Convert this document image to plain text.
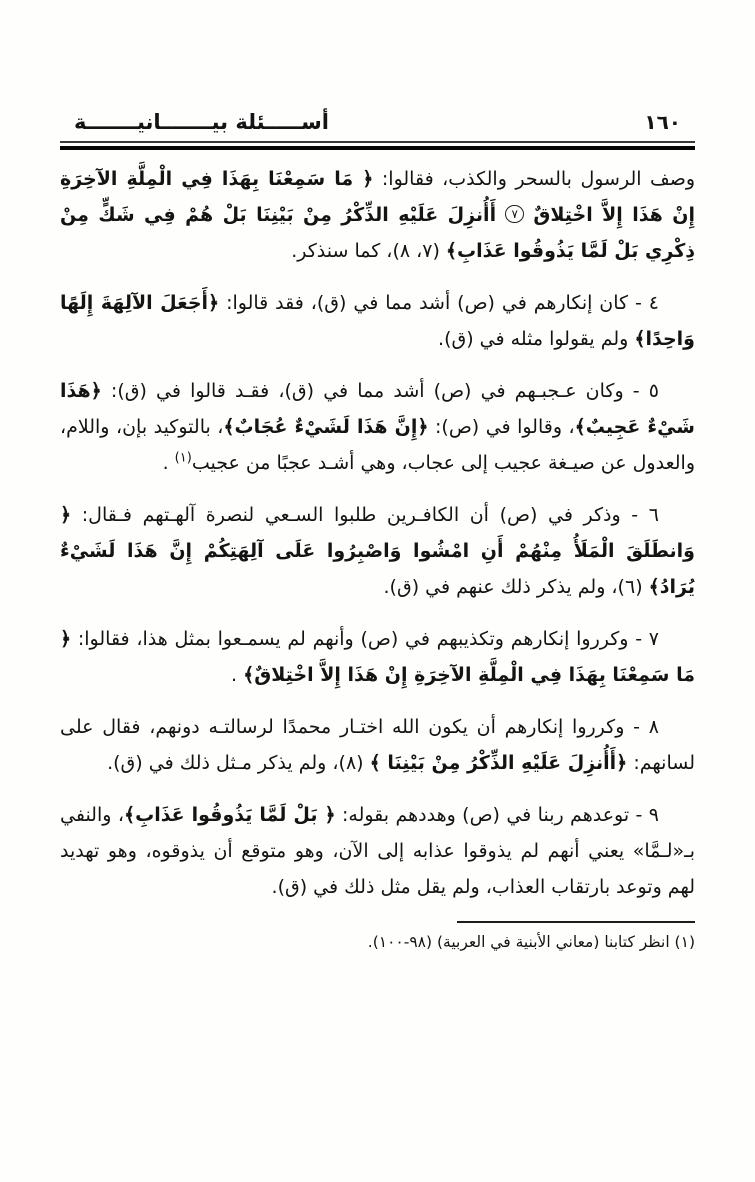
١٦٠
أســـــئلة بيـــــــانيـــــــة
وصف الرسول بالسحر والكذب، فقالوا: ﴿ مَا سَمِعْنَا بِهَذَا فِي الْمِلَّةِ الآخِرَةِ إِنْ هَذَا إِلاَّ اخْتِلاقٌ ٧ أَأُنزِلَ عَلَيْهِ الذِّكْرُ مِنْ بَيْنِنَا بَلْ هُمْ فِي شَكٍّ مِنْ ذِكْرِي بَلْ لَمَّا يَذُوقُوا عَذَابِ﴾ (٧، ٨)، كما سنذكر.
٤ - كان إنكارهم في (ص) أشد مما في (ق)، فقد قالوا: ﴿أَجَعَلَ الآلِهَةَ إِلَهًا وَاحِدًا﴾ ولم يقولوا مثله في (ق).
٥ - وكان عـجبـهم في (ص) أشد مما في (ق)، فقـد قالوا في (ق): ﴿هَذَا شَيْءٌ عَجِيبٌ﴾، وقالوا في (ص): ﴿إِنَّ هَذَا لَشَيْءٌ عُجَابٌ﴾، بالتوكيد بإن، واللام، والعدول عن صيـغة عجيب إلى عجاب، وهي أشـد عجبًا من عجيب$^{(١)}$ .
٦ - وذكر في (ص) أن الكافـرين طلبوا السـعي لنصرة آلهـتهم فـقال: ﴿ وَانطَلَقَ الْمَلَأُ مِنْهُمْ أَنِ امْشُوا وَاصْبِرُوا عَلَى آلِهَتِكُمْ إِنَّ هَذَا لَشَيْءٌ يُرَادُ﴾ (٦)، ولم يذكر ذلك عنهم في (ق).
٧ - وكرروا إنكارهم وتكذيبهم في (ص) وأنهم لم يسمـعوا بمثل هذا، فقالوا: ﴿ مَا سَمِعْنَا بِهَذَا فِي الْمِلَّةِ الآخِرَةِ إِنْ هَذَا إِلاَّ اخْتِلاقٌ﴾ .
٨ - وكرروا إنكارهم أن يكون الله اختـار محمدًا لرسالتـه دونهم، فقال على لسانهم: ﴿أَأُنزِلَ عَلَيْهِ الذِّكْرُ مِنْ بَيْنِنَا ﴾ (٨)، ولم يذكر مـثل ذلك في (ق).
٩ - توعدهم ربنا في (ص) وهددهم بقوله: ﴿ بَلْ لَمَّا يَذُوقُوا عَذَابِ﴾، والنفي بـ«لـمَّا» يعني أنهم لم يذوقوا عذابه إلى الآن، وهو متوقع أن يذوقوه، وهو تهديد لهم وتوعد بارتقاب العذاب، ولم يقل مثل ذلك في (ق).
(١) انظر كتابنا (معاني الأبنية في العربية) (٩٨-١٠٠).
